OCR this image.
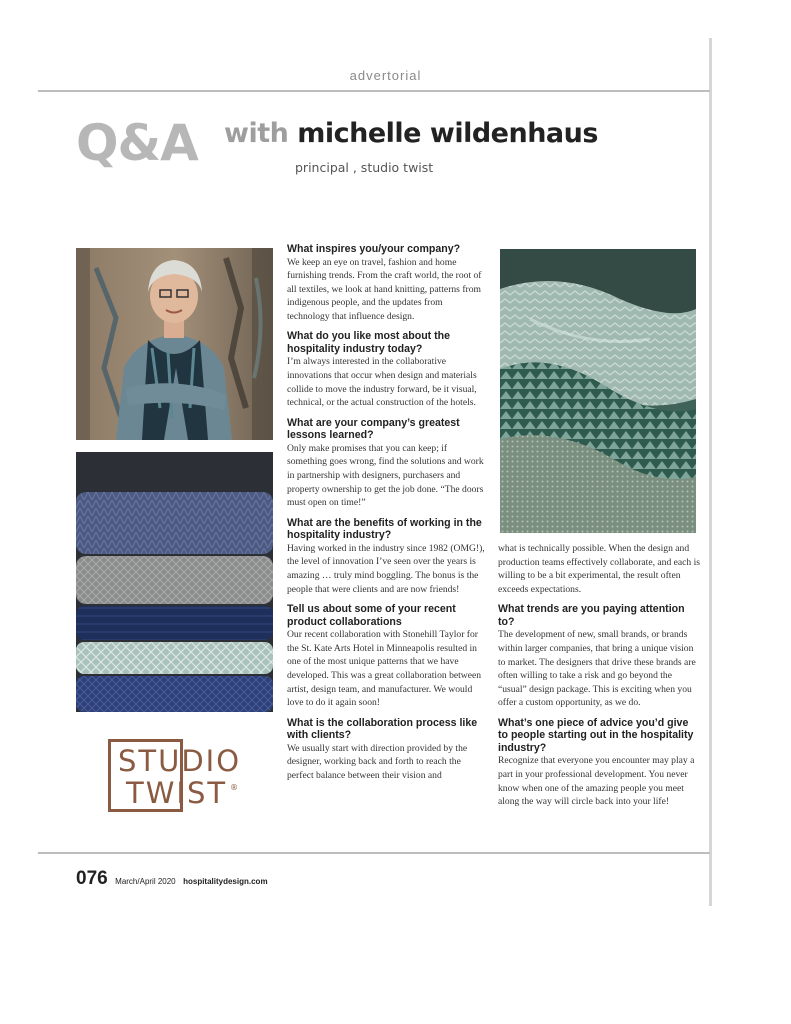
advertorial
Q&A with michelle wildenhaus
principal , studio twist
STUDIO
TWIST ®

What inspires you/your company?

We keep an eye on travel, fashion and home furnishing trends. From the craft world, the root of all textiles, we look at hand knitting, patterns from indigenous people, and the updates from technology that influence design.

What do you like most about the hospitality industry today?

I’m always interested in the collaborative innovations that occur when design and materials collide to move the industry forward, be it visual, technical, or the actual construction of the hotels.

What are your company’s greatest lessons learned?

Only make promises that you can keep; if something goes wrong, find the solutions and work in partnership with designers, purchasers and property ownership to get the job done. “The doors must open on time!”

What are the benefits of working in the hospitality industry?

Having worked in the industry since 1982 (OMG!), the level of innovation I’ve seen over the years is amazing … truly mind boggling. The bonus is the people that were clients and are now friends!

Tell us about some of your recent product collaborations

Our recent collaboration with Stonehill Taylor for the St. Kate Arts Hotel in Minneapolis resulted in one of the most unique patterns that we have developed. This was a great collaboration between artist, design team, and manufacturer. We would love to do it again soon!

What is the collaboration process like with clients?

We usually start with direction provided by the designer, working back and forth to reach the perfect balance between their vision and

what is technically possible. When the design and production teams effectively collaborate, and each is willing to be a bit experimental, the result often exceeds expectations.

What trends are you paying attention to?

The development of new, small brands, or brands within larger companies, that bring a unique vision to market. The designers that drive these brands are often willing to take a risk and go beyond the “usual” design package. This is exciting when you offer a custom opportunity, as we do.

What’s one piece of advice you’d give to people starting out in the hospitality industry?

Recognize that everyone you encounter may play a part in your professional development. You never know when one of the amazing people you meet along the way will circle back into your life!

076 March/April 2020 hospitalitydesign.com
